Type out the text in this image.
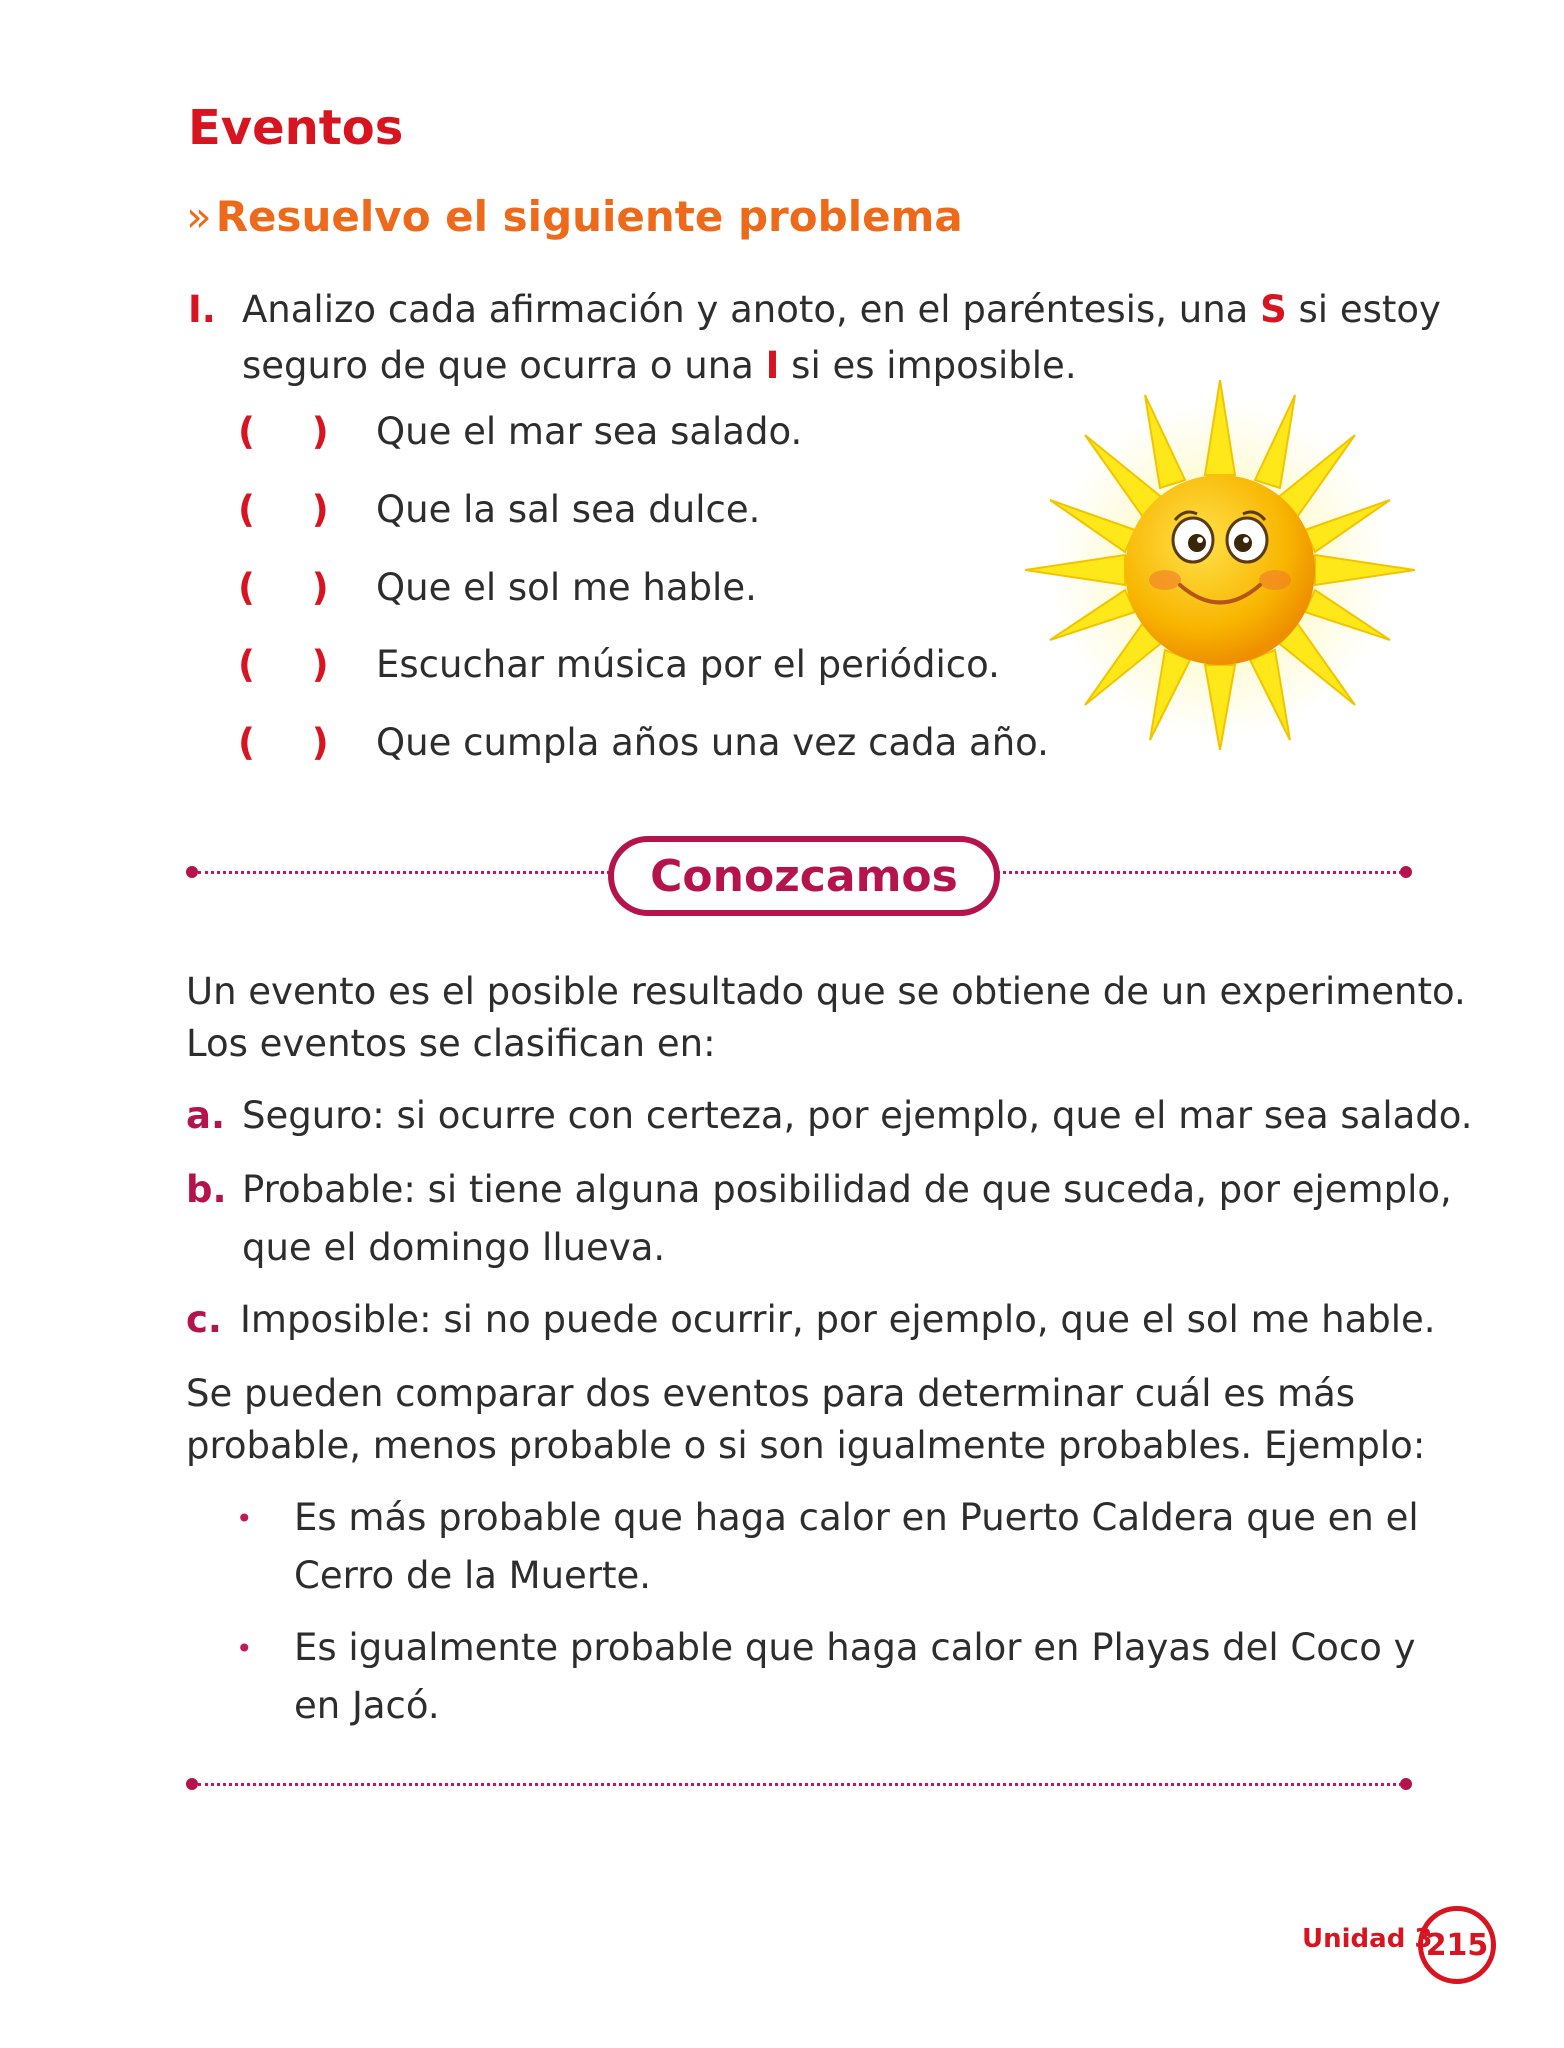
Eventos
»Resuelvo el siguiente problema
I. Analizo cada afirmación y anoto, en el paréntesis, una S si estoy
seguro de que ocurra o una I si es imposible.
( ) Que el mar sea salado.
( ) Que la sal sea dulce.
( ) Que el sol me hable.
( ) Escuchar música por el periódico.
( ) Que cumpla años una vez cada año.
Conozcamos
Un evento es el posible resultado que se obtiene de un experimento.
Los eventos se clasifican en:
a. Seguro: si ocurre con certeza, por ejemplo, que el mar sea salado.
b. Probable: si tiene alguna posibilidad de que suceda, por ejemplo,
que el domingo llueva.
c. Imposible: si no puede ocurrir, por ejemplo, que el sol me hable.
Se pueden comparar dos eventos para determinar cuál es más
probable, menos probable o si son igualmente probables. Ejemplo:
• Es más probable que haga calor en Puerto Caldera que en el
Cerro de la Muerte.
• Es igualmente probable que haga calor en Playas del Coco y
en Jacó.
Unidad 3
215
